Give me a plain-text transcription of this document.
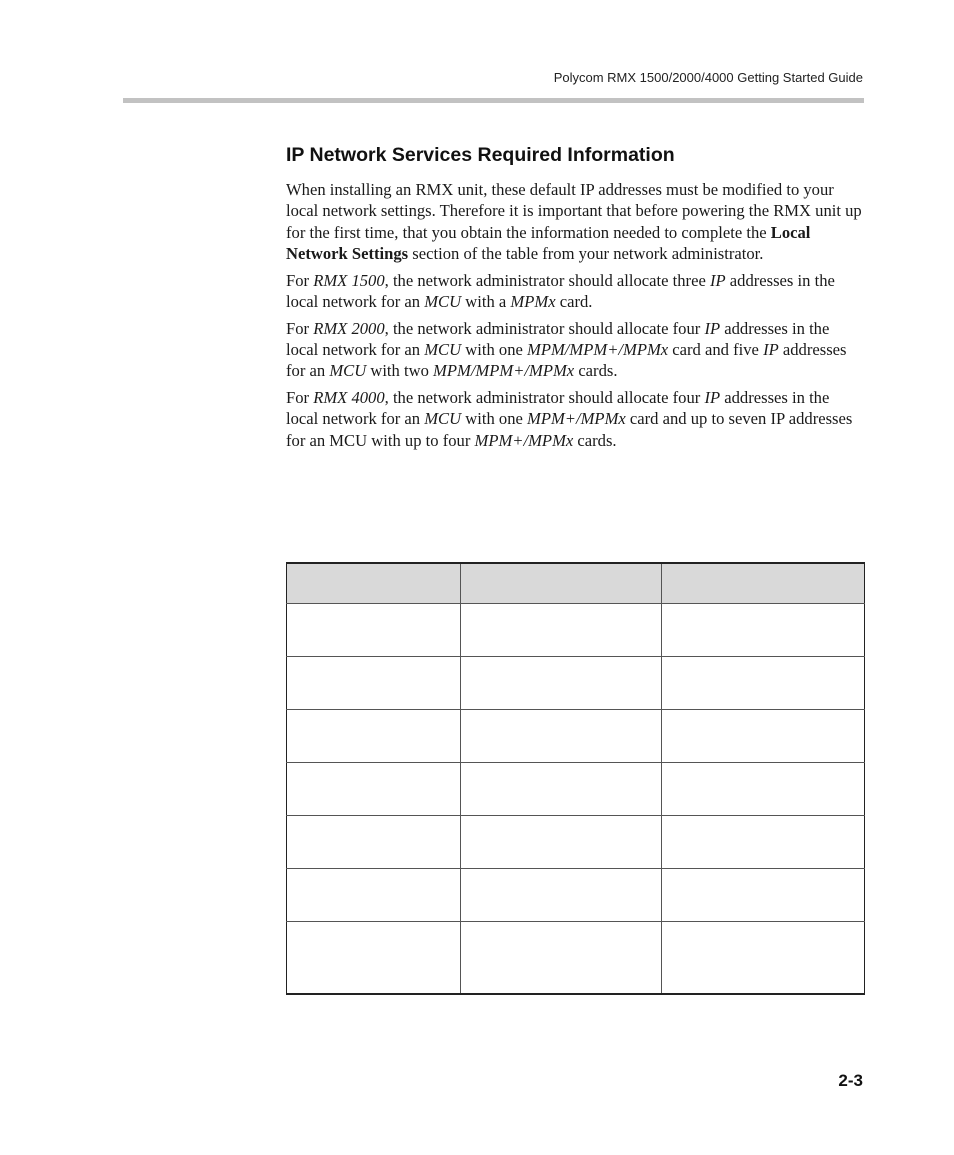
Polycom RMX 1500/2000/4000 Getting Started Guide
IP Network Services Required Information

When installing an RMX unit, these default IP addresses must be modified to your local network settings. Therefore it is important that before powering the RMX unit up for the first time, that you obtain the information needed to complete the Local Network Settings section of the table from your network administrator.

For RMX 1500, the network administrator should allocate three IP addresses in the local network for an MCU with a MPMx card.

For RMX 2000, the network administrator should allocate four IP addresses in the local network for an MCU with one MPM/MPM+/MPMx card and five IP addresses for an MCU with two MPM/MPM+/MPMx cards.

For RMX 4000, the network administrator should allocate four IP addresses in the local network for an MCU with one MPM+/MPMx card and up to seven IP addresses for an MCU with up to four MPM+/MPMx cards.

2-3
